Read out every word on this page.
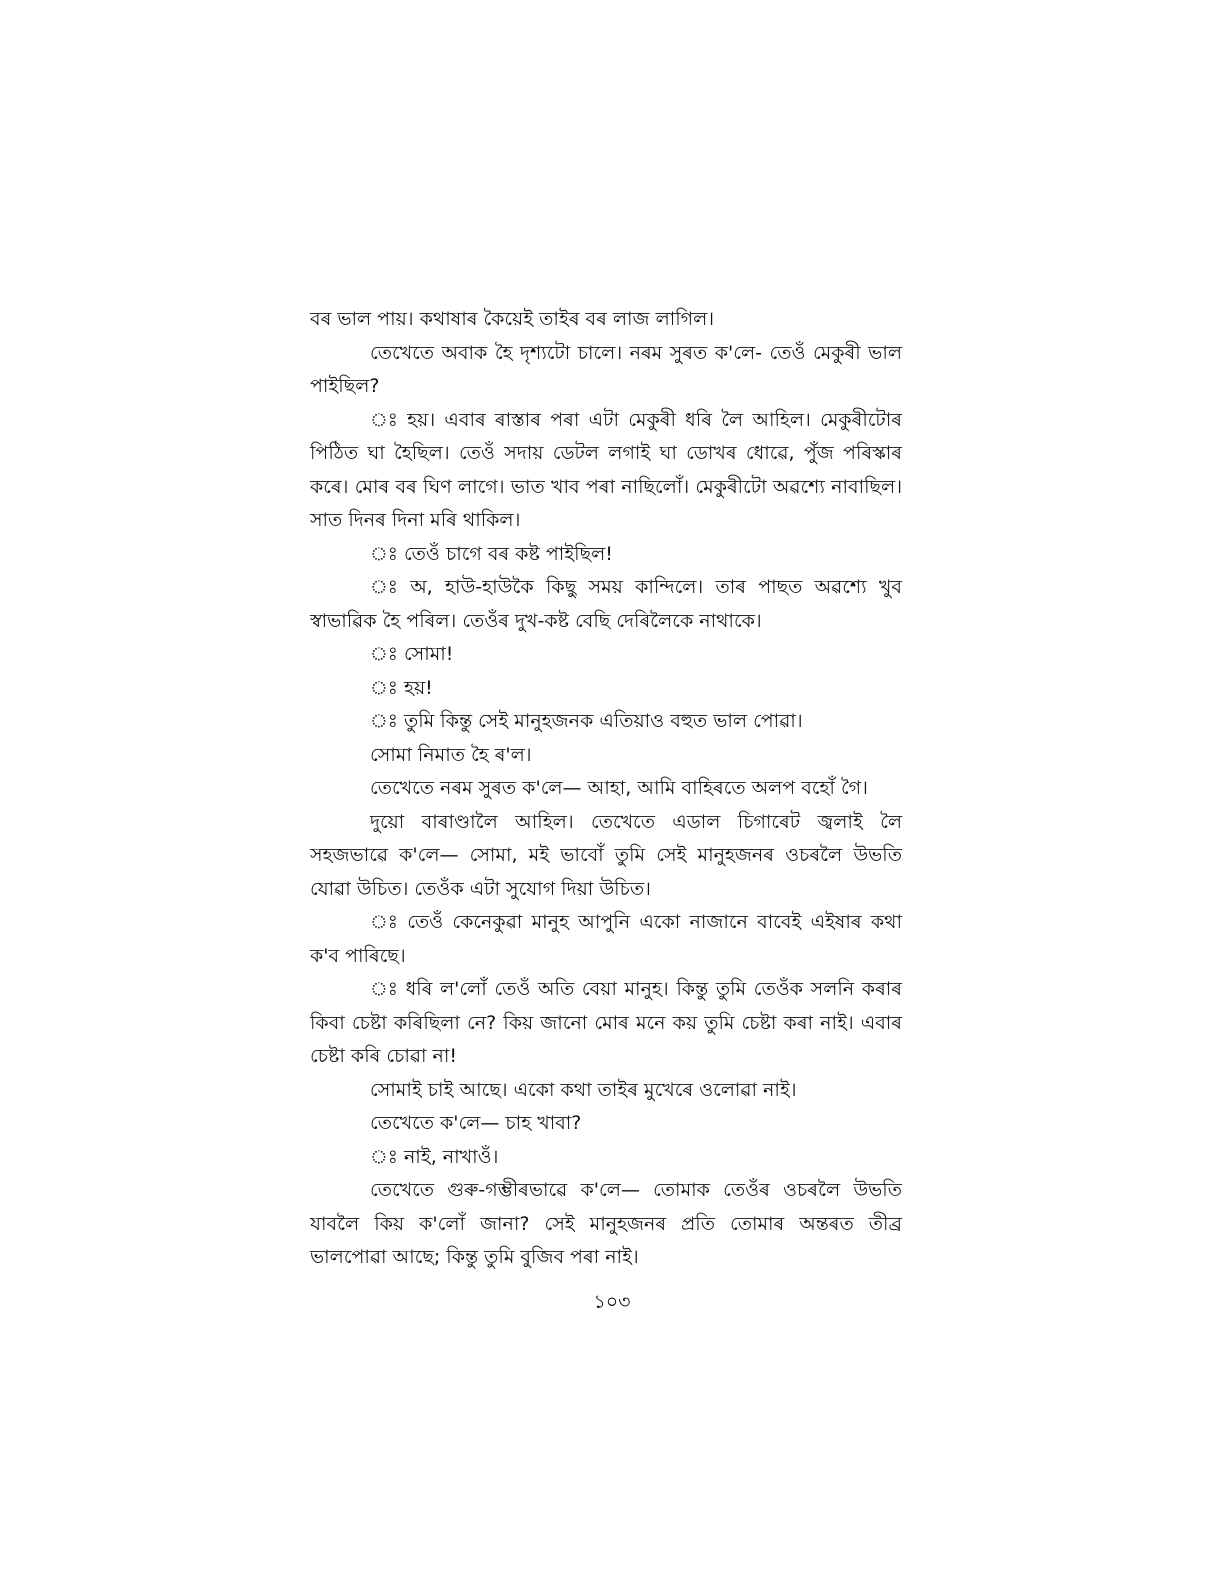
বৰ ভাল পায়। কথাষাৰ কৈয়েই তাইৰ বৰ লাজ লাগিল।

তেখেতে অবাক হৈ দৃশ্যটো চালে। নৰম সুৰত ক'লে- তেওঁ মেকুৰী ভাল পাইছিল?

ঃ হয়। এবাৰ ৰাস্তাৰ পৰা এটা মেকুৰী ধৰি লৈ আহিল। মেকুৰীটোৰ পিঠিত ঘা হৈছিল। তেওঁ সদায় ডেটল লগাই ঘা ডোখৰ ধোৱে, পুঁজ পৰিস্কাৰ কৰে। মোৰ বৰ ঘিণ লাগে। ভাত খাব পৰা নাছিলোঁ। মেকুৰীটো অৱশ্যে নাবাছিল। সাত দিনৰ দিনা মৰি থাকিল।

ঃ তেওঁ চাগে বৰ কষ্ট পাইছিল!

ঃ অ, হাউ-হাউকৈ কিছু সময় কান্দিলে। তাৰ পাছত অৱশ্যে খুব স্বাভাৱিক হৈ পৰিল। তেওঁৰ দুখ-কষ্ট বেছি দেৰিলৈকে নাথাকে।

ঃ সোমা!

ঃ হয়!

ঃ তুমি কিন্তু সেই মানুহজনক এতিয়াও বহুত ভাল পোৱা।

সোমা নিমাত হৈ ৰ'ল।

তেখেতে নৰম সুৰত ক'লে— আহা, আমি বাহিৰতে অলপ বহোঁ গৈ।

দুয়ো বাৰাণ্ডালৈ আহিল। তেখেতে এডাল চিগাৰেট জ্বলাই লৈ সহজভাৱে ক'লে— সোমা, মই ভাবোঁ তুমি সেই মানুহজনৰ ওচৰলৈ উভতি যোৱা উচিত। তেওঁক এটা সুযোগ দিয়া উচিত।

ঃ তেওঁ কেনেকুৱা মানুহ আপুনি একো নাজানে বাবেই এইষাৰ কথা ক'ব পাৰিছে।

ঃ ধৰি ল'লোঁ তেওঁ অতি বেয়া মানুহ। কিন্তু তুমি তেওঁক সলনি কৰাৰ কিবা চেষ্টা কৰিছিলা নে? কিয় জানো মোৰ মনে কয় তুমি চেষ্টা কৰা নাই। এবাৰ চেষ্টা কৰি চোৱা না!

সোমাই চাই আছে। একো কথা তাইৰ মুখেৰে ওলোৱা নাই।

তেখেতে ক'লে— চাহ খাবা?

ঃ নাই, নাখাওঁ।

তেখেতে গুৰু-গম্ভীৰভাৱে ক'লে— তোমাক তেওঁৰ ওচৰলৈ উভতি যাবলৈ কিয় ক'লোঁ জানা? সেই মানুহজনৰ প্ৰতি তোমাৰ অন্তৰত তীব্ৰ ভালপোৱা আছে; কিন্তু তুমি বুজিব পৰা নাই।

১০৩
